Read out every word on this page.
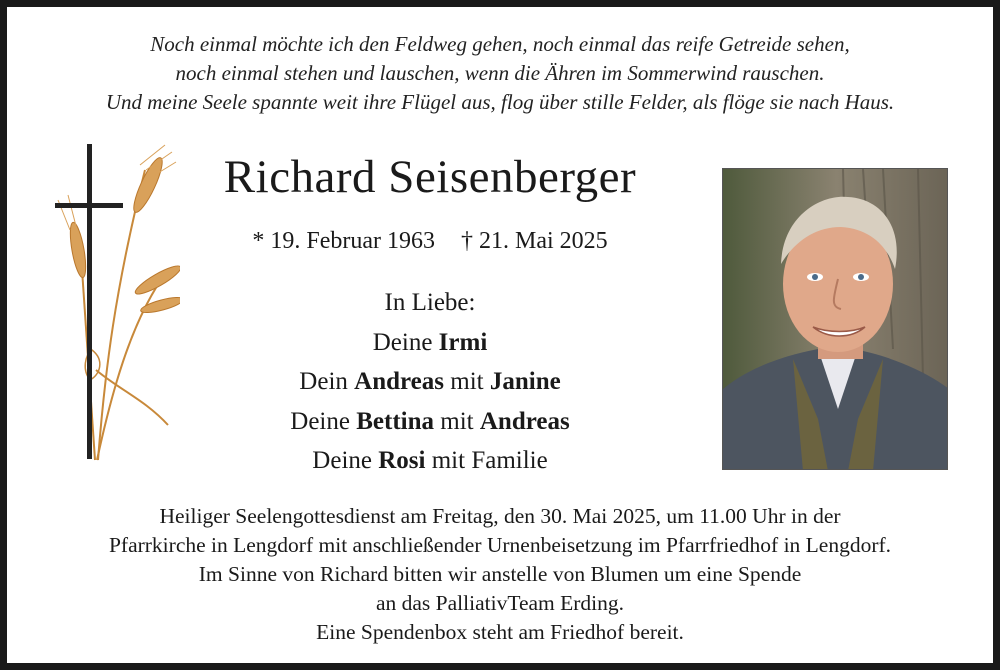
Noch einmal möchte ich den Feldweg gehen, noch einmal das reife Getreide sehen,
noch einmal stehen und lauschen, wenn die Ähren im Sommerwind rauschen.
Und meine Seele spannte weit ihre Flügel aus, flog über stille Felder, als flöge sie nach Haus.
Richard Seisenberger
* 19. Februar 1963 † 21. Mai 2025
In Liebe:
Deine Irmi
Dein Andreas mit Janine
Deine Bettina mit Andreas
Deine Rosi mit Familie
Heiliger Seelengottesdienst am Freitag, den 30. Mai 2025, um 11.00 Uhr in der
Pfarrkirche in Lengdorf mit anschließender Urnenbeisetzung im Pfarrfriedhof in Lengdorf.
Im Sinne von Richard bitten wir anstelle von Blumen um eine Spende
an das PalliativTeam Erding.
Eine Spendenbox steht am Friedhof bereit.
